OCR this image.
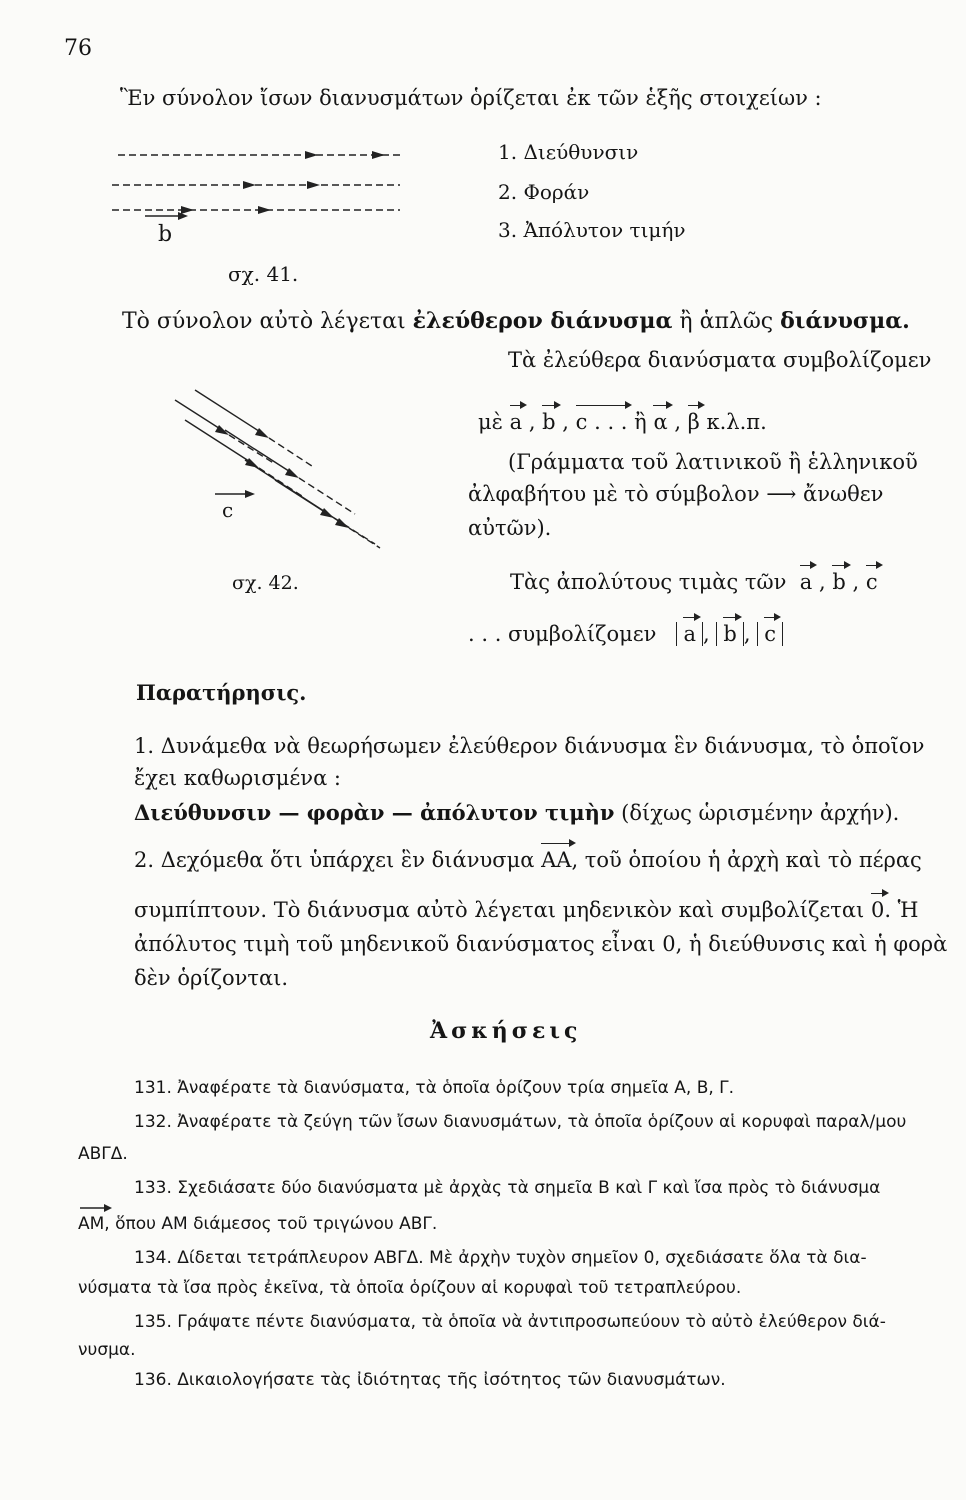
76
Ἓν σύνολον ἴσων διανυσμάτων ὁρίζεται ἐκ τῶν ἑξῆς στοιχείων :
b
σχ. 41.
1. Διεύθυνσιν
2. Φοράν
3. Ἀπόλυτον τιμήν
Τὸ σύνολον αὐτὸ λέγεται ἐλεύθερον διάνυσμα ἢ ἁπλῶς διάνυσμα.
Τὰ ἐλεύθερα διανύσματα συμβολίζομεν
μὲ a , b , c . . . ἢ α , β κ.λ.π.
(Γράμματα τοῦ λατινικοῦ ἢ ἑλληνικοῦ
ἀλφαβήτου μὲ τὸ σύμβολον ⟶ ἄνωθεν
αὐτῶν).
c
σχ. 42.	Τὰς ἀπολύτους τιμὰς τῶν a , b , c
. . . συμβολίζομεν a , b , c
Παρατήρησις.
1. Δυνάμεθα νὰ θεωρήσωμεν ἐλεύθερον διάνυσμα ἓν διάνυσμα, τὸ ὁποῖον
ἔχει καθωρισμένα :
Διεύθυνσιν — φορὰν — ἀπόλυτον τιμὴν (δίχως ὡρισμένην ἀρχήν).
2. Δεχόμεθα ὅτι ὑπάρχει ἓν διάνυσμα AA, τοῦ ὁποίου ἡ ἀρχὴ καὶ τὸ πέρας
συμπίπτουν. Τὸ διάνυσμα αὐτὸ λέγεται μηδενικὸν καὶ συμβολίζεται 0. Ἡ
ἀπόλυτος τιμὴ τοῦ μηδενικοῦ διανύσματος εἶναι 0, ἡ διεύθυνσις καὶ ἡ φορὰ
δὲν ὁρίζονται.
Ἀσκήσεις
131. Ἀναφέρατε τὰ διανύσματα, τὰ ὁποῖα ὁρίζουν τρία σημεῖα A, B, Γ.
132. Ἀναφέρατε τὰ ζεύγη τῶν ἴσων διανυσμάτων, τὰ ὁποῖα ὁρίζουν αἱ κορυφαὶ παραλ/μου
ΑΒΓΔ.
133. Σχεδιάσατε δύο διανύσματα μὲ ἀρχὰς τὰ σημεῖα B καὶ Γ καὶ ἴσα πρὸς τὸ διάνυσμα
AM, ὅπου AM διάμεσος τοῦ τριγώνου ΑΒΓ.
134. Δίδεται τετράπλευρον ΑΒΓΔ. Μὲ ἀρχὴν τυχὸν σημεῖον 0, σχεδιάσατε ὅλα τὰ δια-
νύσματα τὰ ἴσα πρὸς ἐκεῖνα, τὰ ὁποῖα ὁρίζουν αἱ κορυφαὶ τοῦ τετραπλεύρου.
135. Γράψατε πέντε διανύσματα, τὰ ὁποῖα νὰ ἀντιπροσωπεύουν τὸ αὐτὸ ἐλεύθερον διά-
νυσμα.
136. Δικαιολογήσατε τὰς ἰδιότητας τῆς ἰσότητος τῶν διανυσμάτων.
